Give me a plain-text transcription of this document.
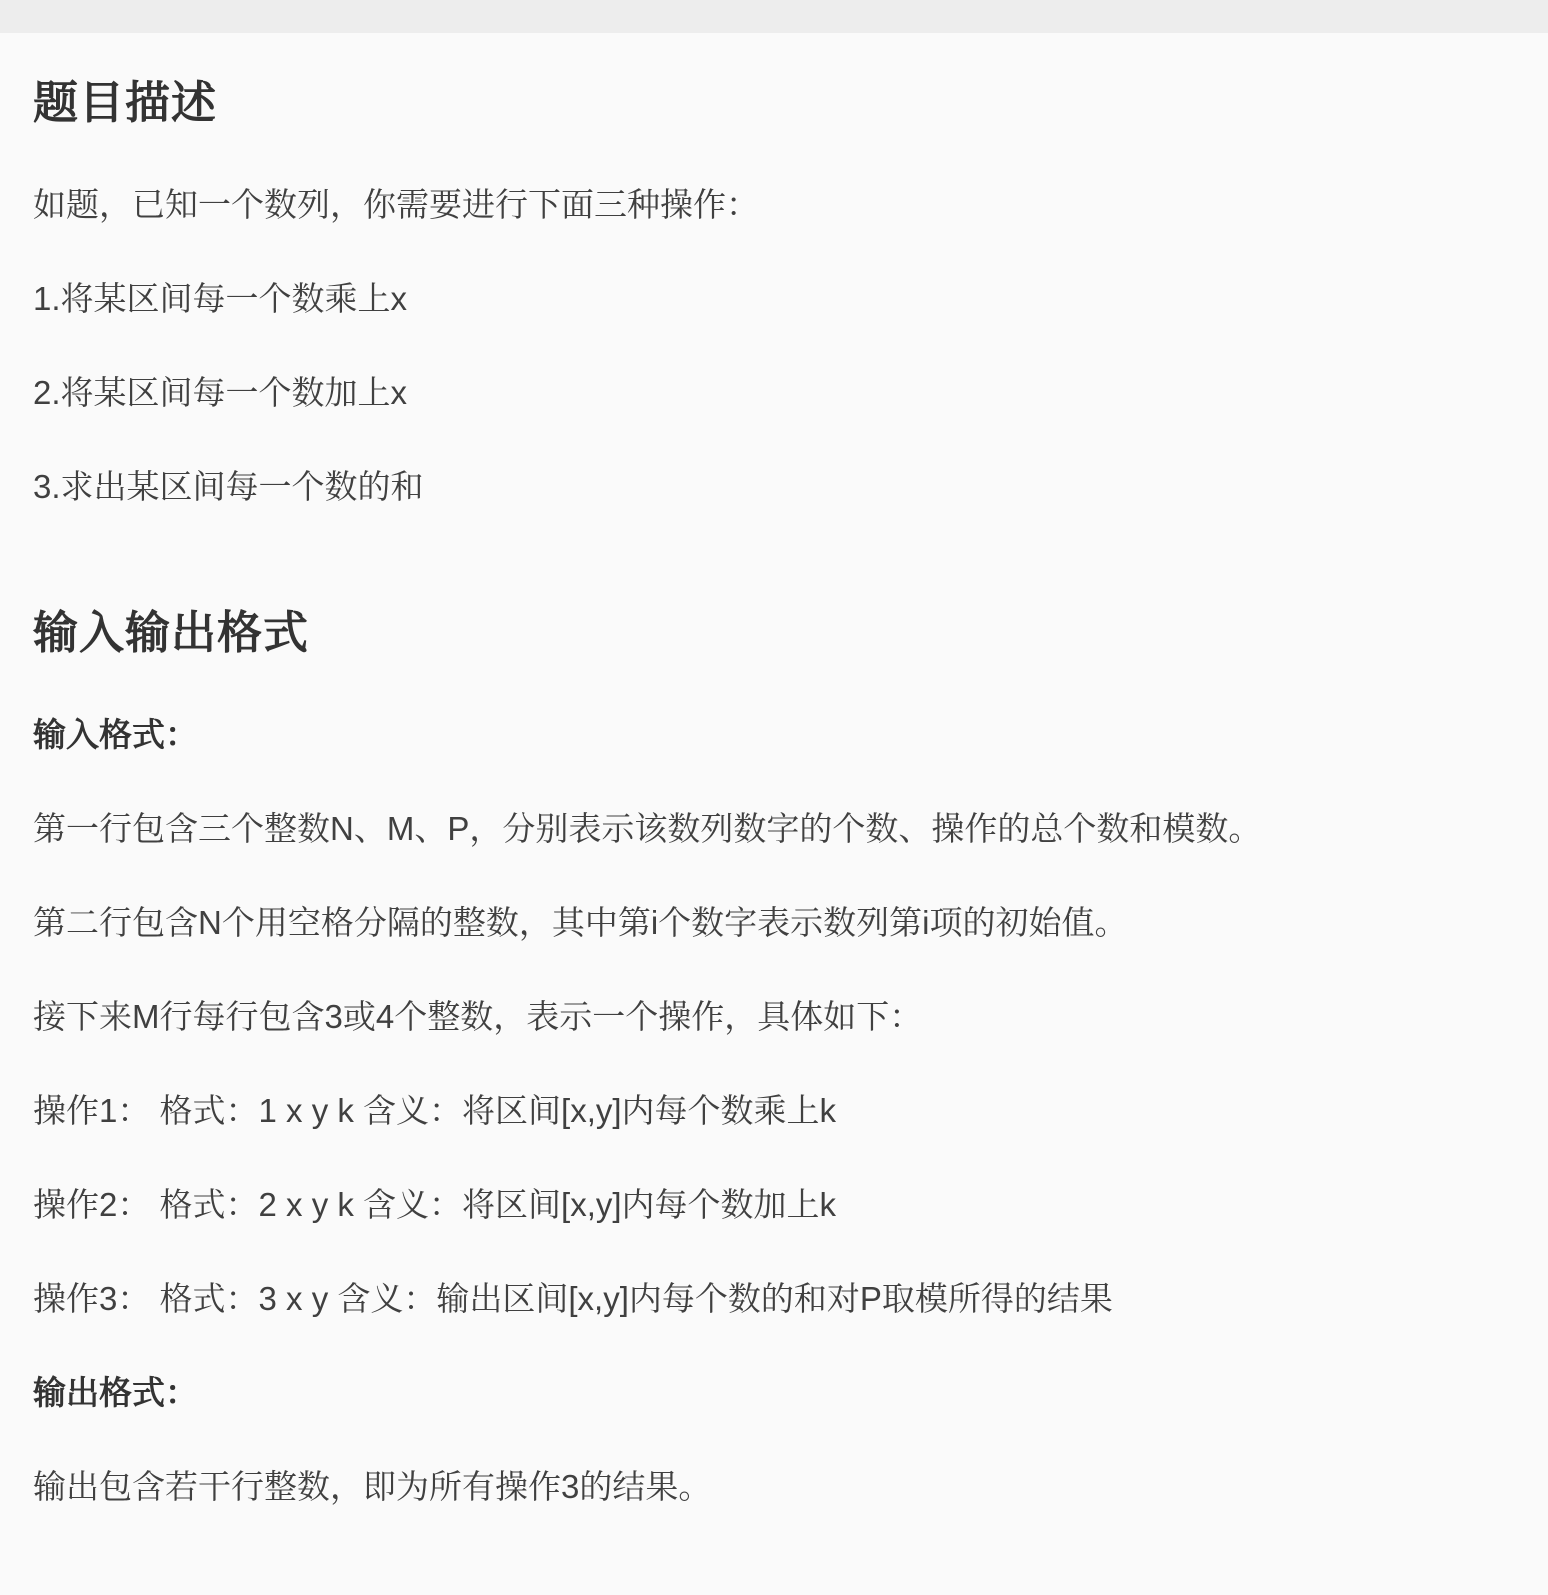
题目描述

如题，已知一个数列，你需要进行下面三种操作：

1.将某区间每一个数乘上x

2.将某区间每一个数加上x

3.求出某区间每一个数的和

输入输出格式

输入格式：

第一行包含三个整数N、M、P，分别表示该数列数字的个数、操作的总个数和模数。

第二行包含N个用空格分隔的整数，其中第i个数字表示数列第i项的初始值。

接下来M行每行包含3或4个整数，表示一个操作，具体如下：

操作1： 格式：1 x y k 含义：将区间[x,y]内每个数乘上k

操作2： 格式：2 x y k 含义：将区间[x,y]内每个数加上k

操作3： 格式：3 x y 含义：输出区间[x,y]内每个数的和对P取模所得的结果

输出格式：

输出包含若干行整数，即为所有操作3的结果。
